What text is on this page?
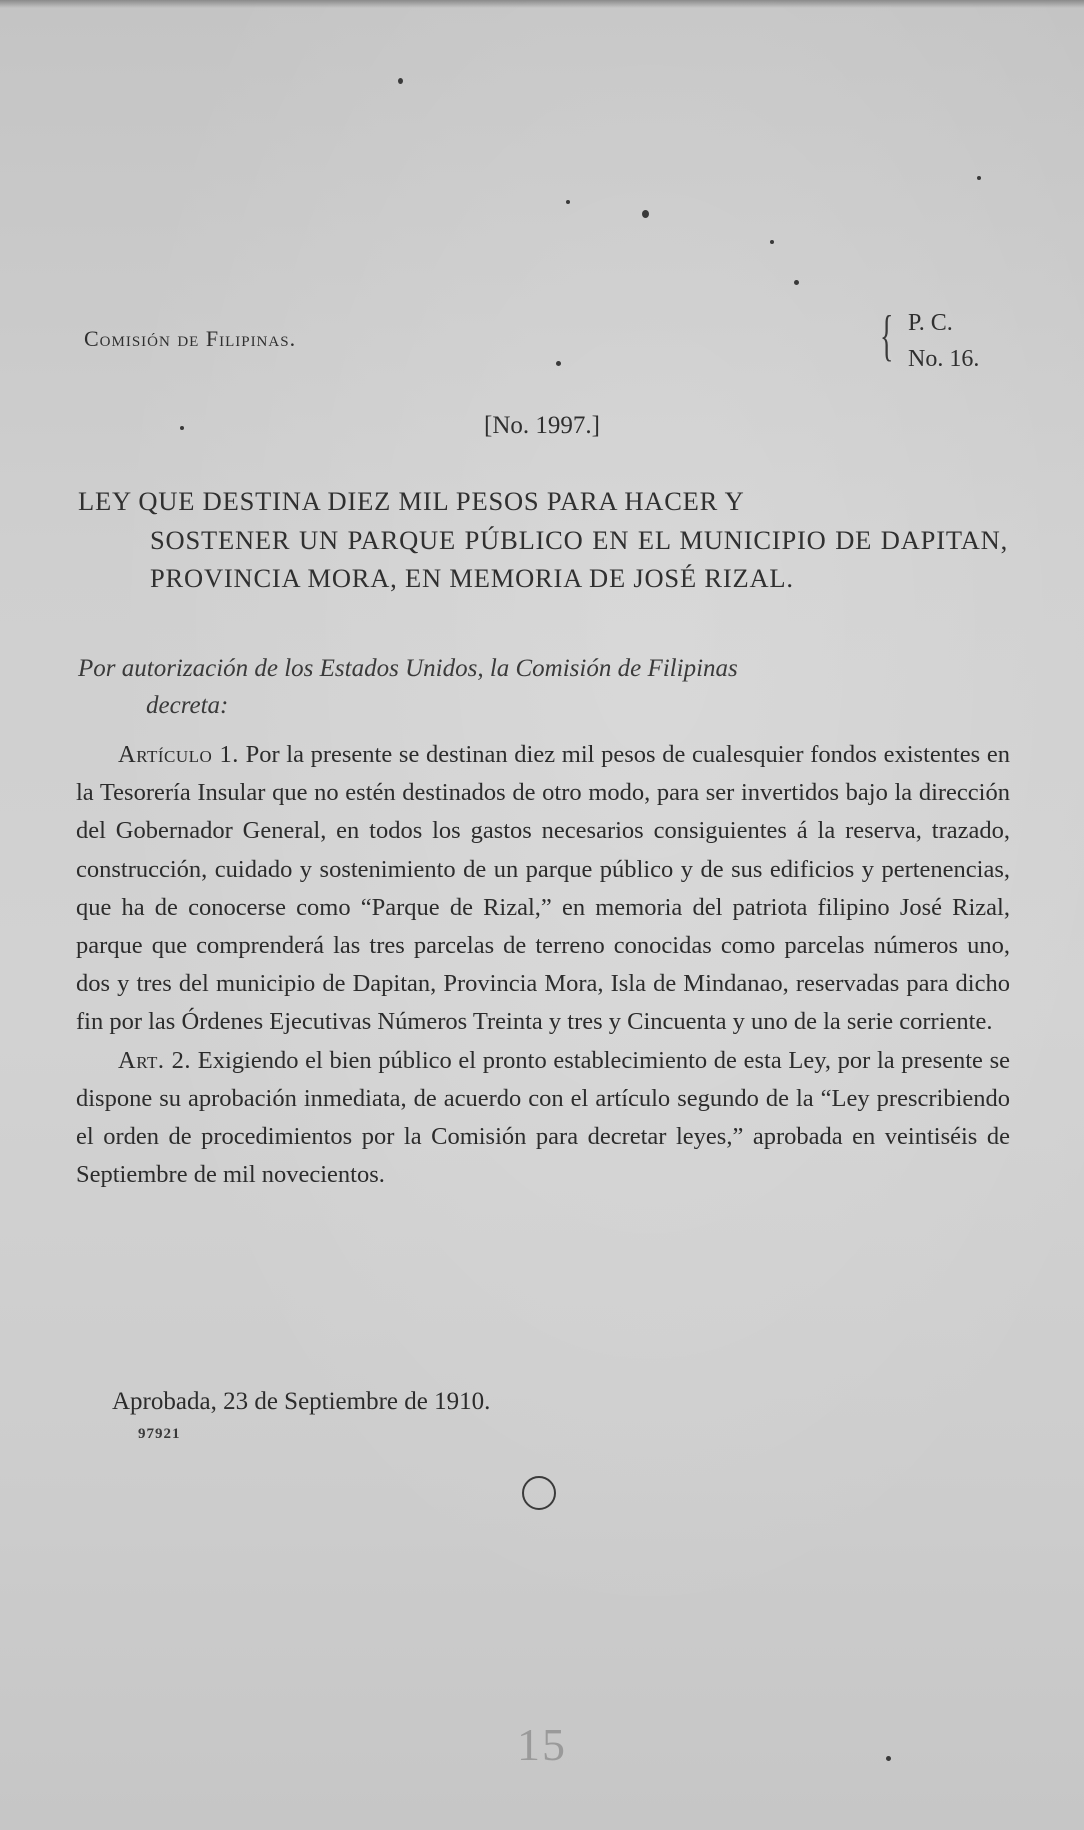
Comisión de Filipinas.	{ P. C.
No. 16.
[No. 1997.]
LEY QUE DESTINA DIEZ MIL PESOS PARA HACER Y
SOSTENER UN PARQUE PÚBLICO EN EL MUNICIPIO DE DAPITAN, PROVINCIA MORA, EN MEMORIA DE JOSÉ RIZAL.

Por autorización de los Estados Unidos, la Comisión de Filipinas
decreta:

Artículo 1. Por la presente se destinan diez mil pesos de cualesquier fondos existentes en la Tesorería Insular que no estén destinados de otro modo, para ser invertidos bajo la dirección del Gobernador General, en todos los gastos necesarios consiguientes á la reserva, trazado, construcción, cuidado y sostenimiento de un parque público y de sus edificios y pertenencias, que ha de conocerse como “Parque de Rizal,” en memoria del patriota filipino José Rizal, parque que comprenderá las tres parcelas de terreno conocidas como parcelas números uno, dos y tres del municipio de Dapitan, Provincia Mora, Isla de Mindanao, reservadas para dicho fin por las Órdenes Ejecutivas Números Treinta y tres y Cincuenta y uno de la serie corriente.

Art. 2. Exigiendo el bien público el pronto establecimiento de esta Ley, por la presente se dispone su aprobación inmediata, de acuerdo con el artículo segundo de la “Ley prescribiendo el orden de procedimientos por la Comisión para decretar leyes,” aprobada en veintiséis de Septiembre de mil novecientos.

Aprobada, 23 de Septiembre de 1910.

97921
15
